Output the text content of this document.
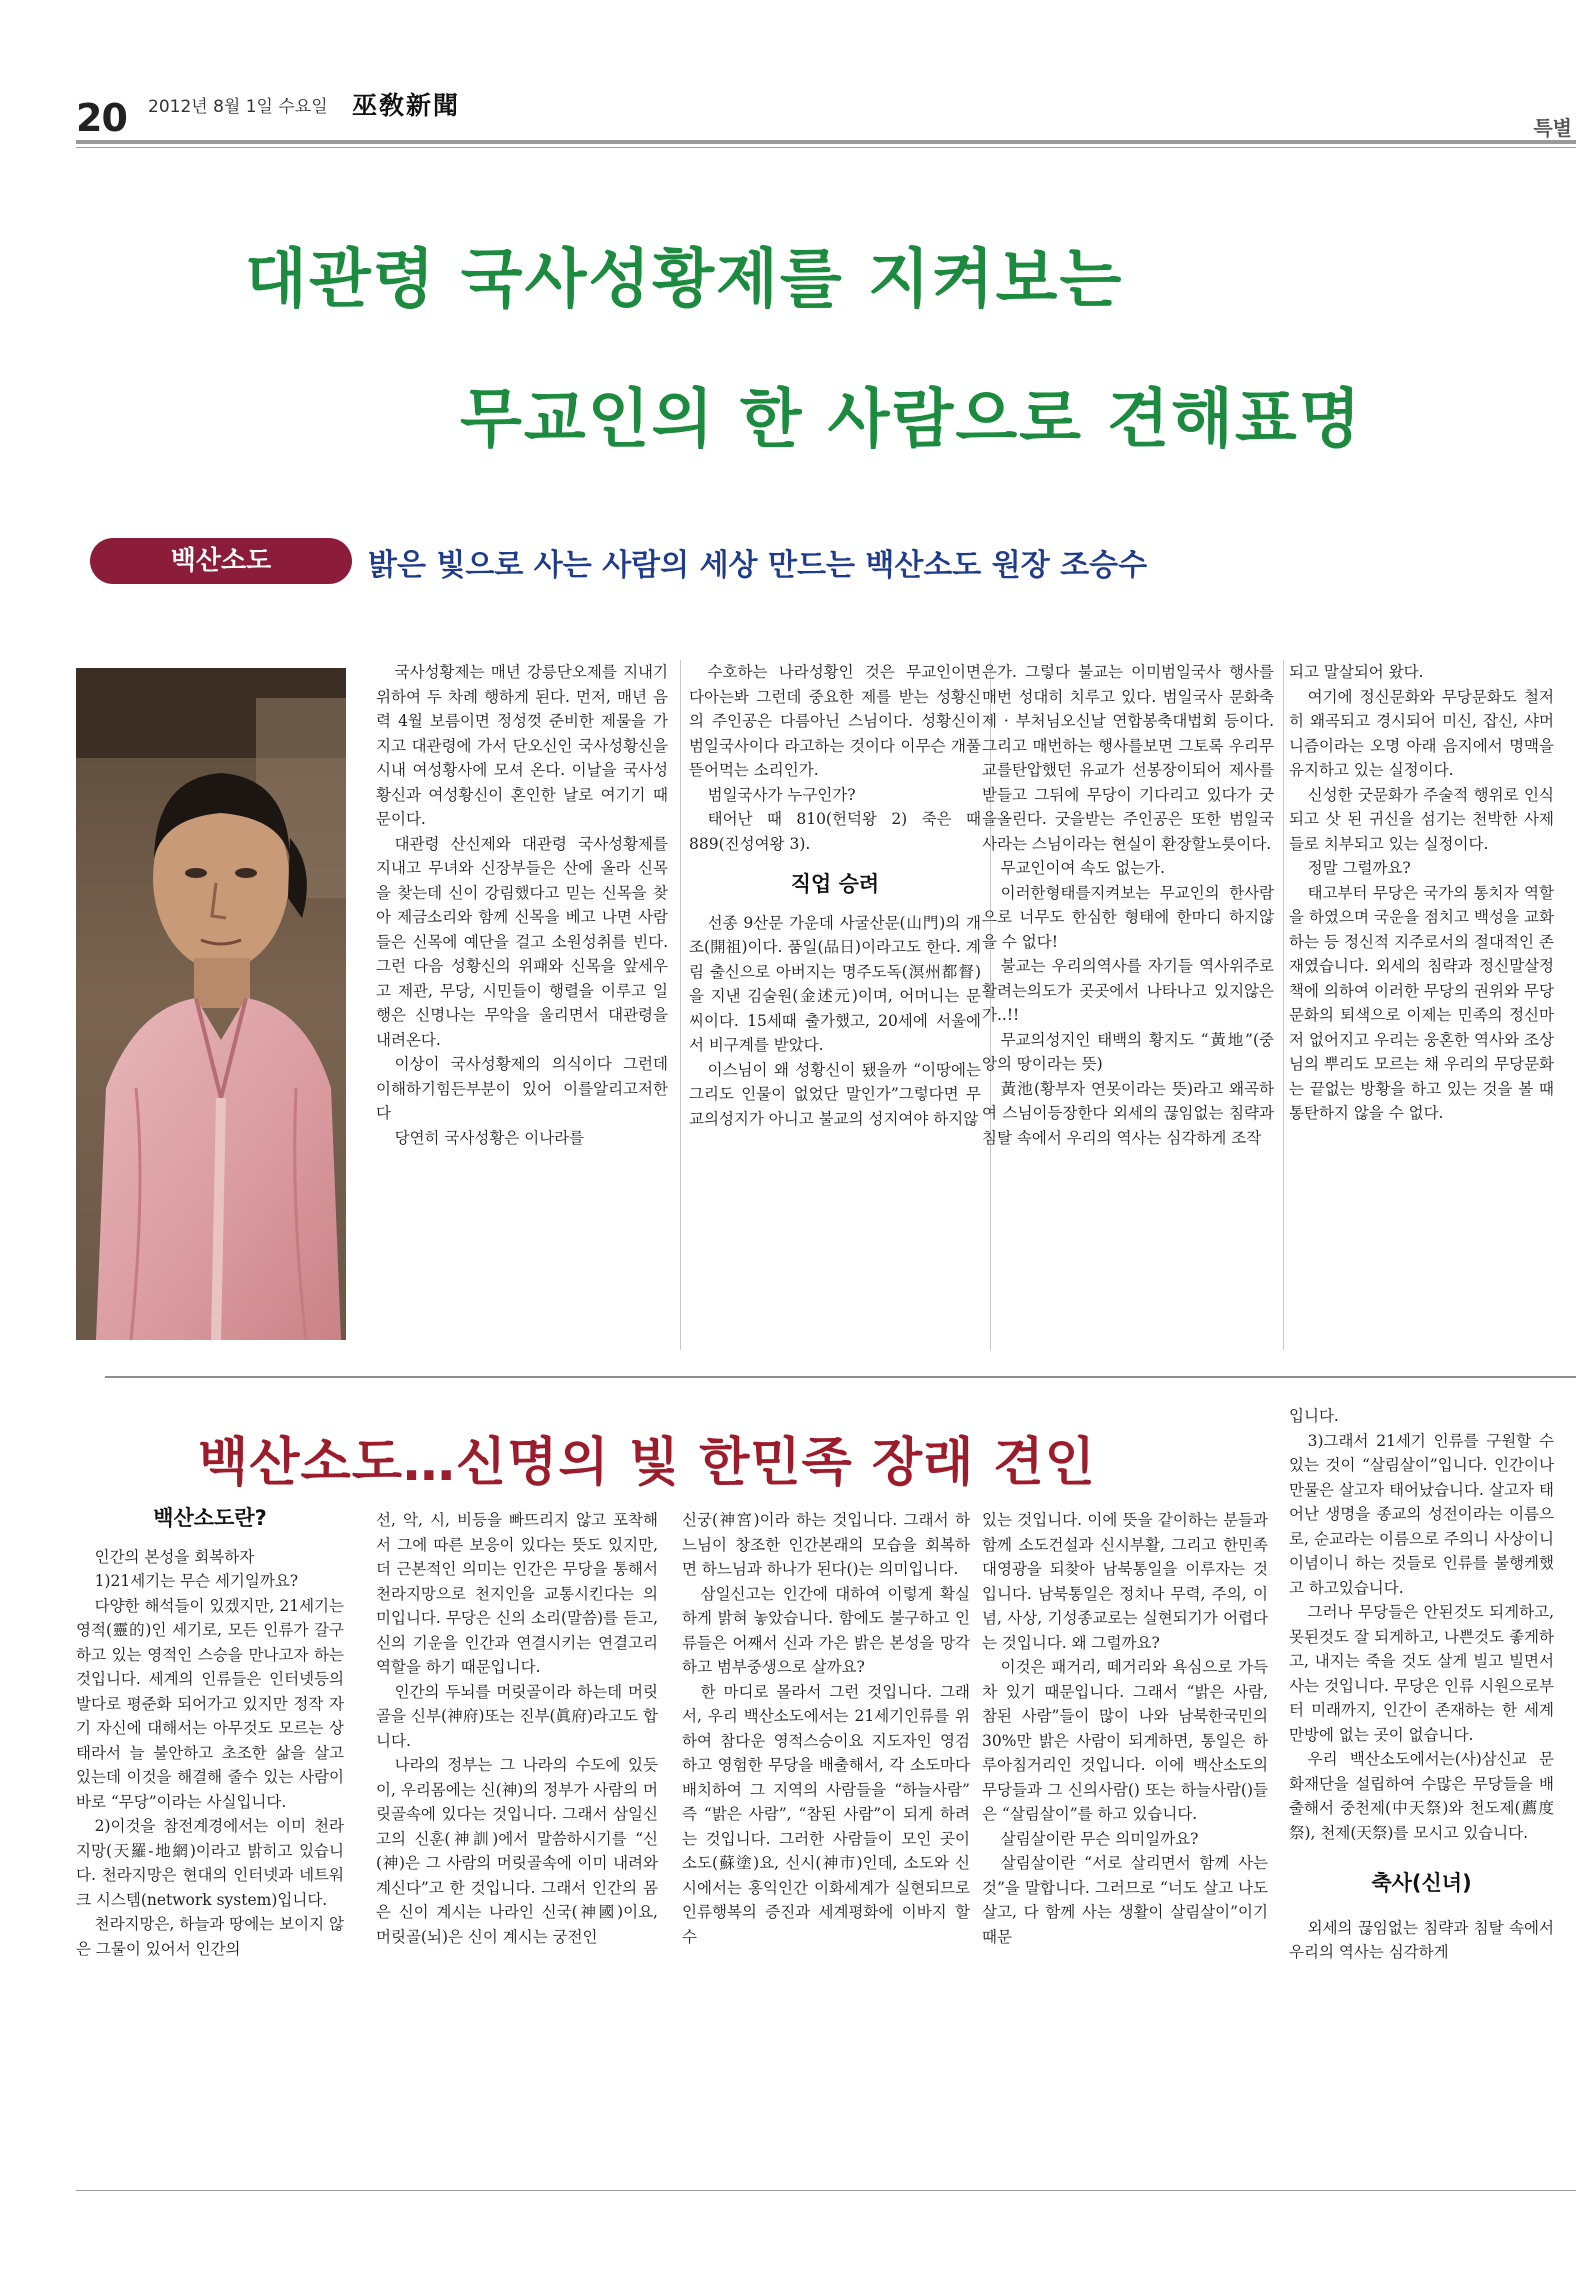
20 2012년 8월 1일 수요일 巫敎新聞
특별
대관령 국사성황제를 지켜보는
무교인의 한 사람으로 견해표명
백산소도	밝은 빛으로 사는 사람의 세상 만드는 백산소도 원장 조승수

국사성황제는 매년 강릉단오제를 지내기 위하여 두 차례 행하게 된다. 먼저, 매년 음력 4월 보름이면 정성껏 준비한 제물을 가지고 대관령에 가서 단오신인 국사성황신을 시내 여성황사에 모셔 온다. 이날을 국사성황신과 여성황신이 혼인한 날로 여기기 때문이다.

대관령 산신제와 대관령 국사성황제를 지내고 무녀와 신장부들은 산에 올라 신목을 찾는데 신이 강림했다고 믿는 신목을 찾아 제금소리와 함께 신목을 베고 나면 사람들은 신목에 예단을 걸고 소원성취를 빈다. 그런 다음 성황신의 위패와 신목을 앞세우고 제관, 무당, 시민들이 행렬을 이루고 일행은 신명나는 무악을 울리면서 대관령을 내려온다.

이상이 국사성황제의 의식이다 그런데 이해하기힘든부분이 있어 이를알리고저한다

당연히 국사성황은 이나라를

수호하는 나라성황인 것은 무교인이면 다아는봐 그런데 중요한 제를 받는 성황신의 주인공은 다름아닌 스님이다. 성황신이 범일국사이다 라고하는 것이다 이무슨 개풀뜯어먹는 소리인가.

범일국사가 누구인가?

태어난 때 810(헌덕왕 2) 죽은 때 889(진성여왕 3).

직업 승려

선종 9산문 가운데 사굴산문(山門)의 개조(開祖)이다. 품일(品日)이라고도 한다. 계림 출신으로 아버지는 명주도독(溟州都督)을 지낸 김술원(金述元)이며, 어머니는 문씨이다. 15세때 출가했고, 20세에 서울에서 비구계를 받았다.

이스님이 왜 성황신이 됐을까 “이땅에는 그리도 인물이 없었단 말인가”그렇다면 무교의성지가 아니고 불교의 성지여야 하지않

은가. 그렇다 불교는 이미범일국사 행사를 매번 성대히 치루고 있다. 범일국사 문화축제 · 부처님오신날 연합봉축대법회 등이다. 그리고 매번하는 행사를보면 그토록 우리무교를탄압했던 유교가 선봉장이되어 제사를 받들고 그뒤에 무당이 기다리고 있다가 굿을올린다. 굿을받는 주인공은 또한 범일국사라는 스님이라는 현실이 환장할노릇이다.

무교인이여 속도 없는가.

이러한형태를지켜보는 무교인의 한사람으로 너무도 한심한 형태에 한마디 하지않을 수 없다!

불교는 우리의역사를 자기들 역사위주로 활려는의도가 곳곳에서 나타나고 있지않은가..!!

무교의성지인 태백의 황지도 “黃地”(중앙의 땅이라는 뜻)

黃池(황부자 연못이라는 뜻)라고 왜곡하여 스님이등장한다 외세의 끊임없는 침략과 침탈 속에서 우리의 역사는 심각하게 조작

되고 말살되어 왔다.

여기에 정신문화와 무당문화도 철저히 왜곡되고 경시되어 미신, 잡신, 샤머니즘이라는 오명 아래 음지에서 명맥을 유지하고 있는 실정이다.

신성한 굿문화가 주술적 행위로 인식되고 삿 된 귀신을 섬기는 천박한 사제들로 치부되고 있는 실정이다.

정말 그럴까요?

태고부터 무당은 국가의 통치자 역할을 하였으며 국운을 점치고 백성을 교화하는 등 정신적 지주로서의 절대적인 존재였습니다. 외세의 침략과 정신말살정책에 의하여 이러한 무당의 권위와 무당문화의 퇴색으로 이제는 민족의 정신마저 없어지고 우리는 웅혼한 역사와 조상님의 뿌리도 모르는 채 우리의 무당문화는 끝없는 방황을 하고 있는 것을 볼 때 통탄하지 않을 수 없다.

백산소도…신명의 빛 한민족 장래 견인
백산소도란?

인간의 본성을 회복하자

1)21세기는 무슨 세기일까요?

다양한 해석들이 있겠지만, 21세기는 영적(靈的)인 세기로, 모든 인류가 갈구하고 있는 영적인 스승을 만나고자 하는 것입니다. 세계의 인류들은 인터넷등의 발다로 평준화 되어가고 있지만 정작 자기 자신에 대해서는 아무것도 모르는 상태라서 늘 불안하고 초조한 삶을 살고 있는데 이것을 해결해 줄수 있는 사람이 바로 “무당”이라는 사실입니다.

2)이것을 참전계경에서는 이미 천라지망(天羅-地網)이라고 밝히고 있습니다. 천라지망은 현대의 인터넷과 네트워크 시스템(network system)입니다.

천라지망은, 하늘과 땅에는 보이지 않은 그물이 있어서 인간의

선, 악, 시, 비등을 빠뜨리지 않고 포착해서 그에 따른 보응이 있다는 뜻도 있지만, 더 근본적인 의미는 인간은 무당을 통해서 천라지망으로 천지인을 교통시킨다는 의미입니다. 무당은 신의 소리(말씀)를 듣고, 신의 기운을 인간과 연결시키는 연결고리 역할을 하기 때문입니다.

인간의 두뇌를 머릿골이라 하는데 머릿골을 신부(神府)또는 진부(眞府)라고도 합니다.

나라의 정부는 그 나라의 수도에 있듯이, 우리몸에는 신(神)의 정부가 사람의 머릿골속에 있다는 것입니다. 그래서 삼일신고의 신훈(神訓)에서 말씀하시기를 “신(神)은 그 사람의 머릿골속에 이미 내려와 계신다”고 한 것입니다. 그래서 인간의 몸은 신이 계시는 나라인 신국(神國)이요, 머릿골(뇌)은 신이 계시는 궁전인

신궁(神宮)이라 하는 것입니다. 그래서 하느님이 창조한 인간본래의 모습을 회복하면 하느님과 하나가 된다()는 의미입니다.

삼일신고는 인간에 대하여 이렇게 확실하게 밝혀 놓았습니다. 함에도 불구하고 인류들은 어째서 신과 가은 밝은 본성을 망각하고 범부중생으로 살까요?

한 마디로 몰라서 그런 것입니다. 그래서, 우리 백산소도에서는 21세기인류를 위하여 참다운 영적스승이요 지도자인 영검하고 영험한 무당을 배출해서, 각 소도마다 배치하여 그 지역의 사람들을 “하늘사람” 즉 “밝은 사람”, “참된 사람”이 되게 하려는 것입니다. 그러한 사람들이 모인 곳이 소도(蘇塗)요, 신시(神市)인데, 소도와 신시에서는 홍익인간 이화세계가 실현되므로 인류행복의 증진과 세계평화에 이바지 할 수

있는 것입니다. 이에 뜻을 같이하는 분들과 함께 소도건설과 신시부활, 그리고 한민족 대영광을 되찾아 남북통일을 이루자는 것입니다. 남북통일은 정치나 무력, 주의, 이념, 사상, 기성종교로는 실현되기가 어렵다는 것입니다. 왜 그럴까요?

이것은 패거리, 떼거리와 욕심으로 가득 차 있기 때문입니다. 그래서 “밝은 사람, 참된 사람”들이 많이 나와 남북한국민의 30%만 밝은 사람이 되게하면, 통일은 하루아침거리인 것입니다. 이에 백산소도의 무당들과 그 신의사람() 또는 하늘사람()들은 “살림살이”를 하고 있습니다.

살림살이란 무슨 의미일까요?

살림살이란 “서로 살리면서 함께 사는 것”을 말합니다. 그러므로 “너도 살고 나도 살고, 다 함께 사는 생활이 살림살이”이기 때문

입니다.

3)그래서 21세기 인류를 구원할 수 있는 것이 “살림살이”입니다. 인간이나 만물은 살고자 태어났습니다. 살고자 태어난 생명을 종교의 성전이라는 이름으로, 순교라는 이름으로 주의니 사상이니 이념이니 하는 것들로 인류를 불행케했고 하고있습니다.

그러나 무당들은 안된것도 되게하고, 못된것도 잘 되게하고, 나쁜것도 좋게하고, 내지는 죽을 것도 살게 빌고 빌면서 사는 것입니다. 무당은 인류 시원으로부터 미래까지, 인간이 존재하는 한 세계만방에 없는 곳이 없습니다.

우리 백산소도에서는(사)삼신교 문화재단을 설립하여 수많은 무당들을 배출해서 중천제(中天祭)와 천도제(薦度祭), 천제(天祭)를 모시고 있습니다.

축사(신녀)

외세의 끊임없는 침략과 침탈 속에서 우리의 역사는 심각하게
